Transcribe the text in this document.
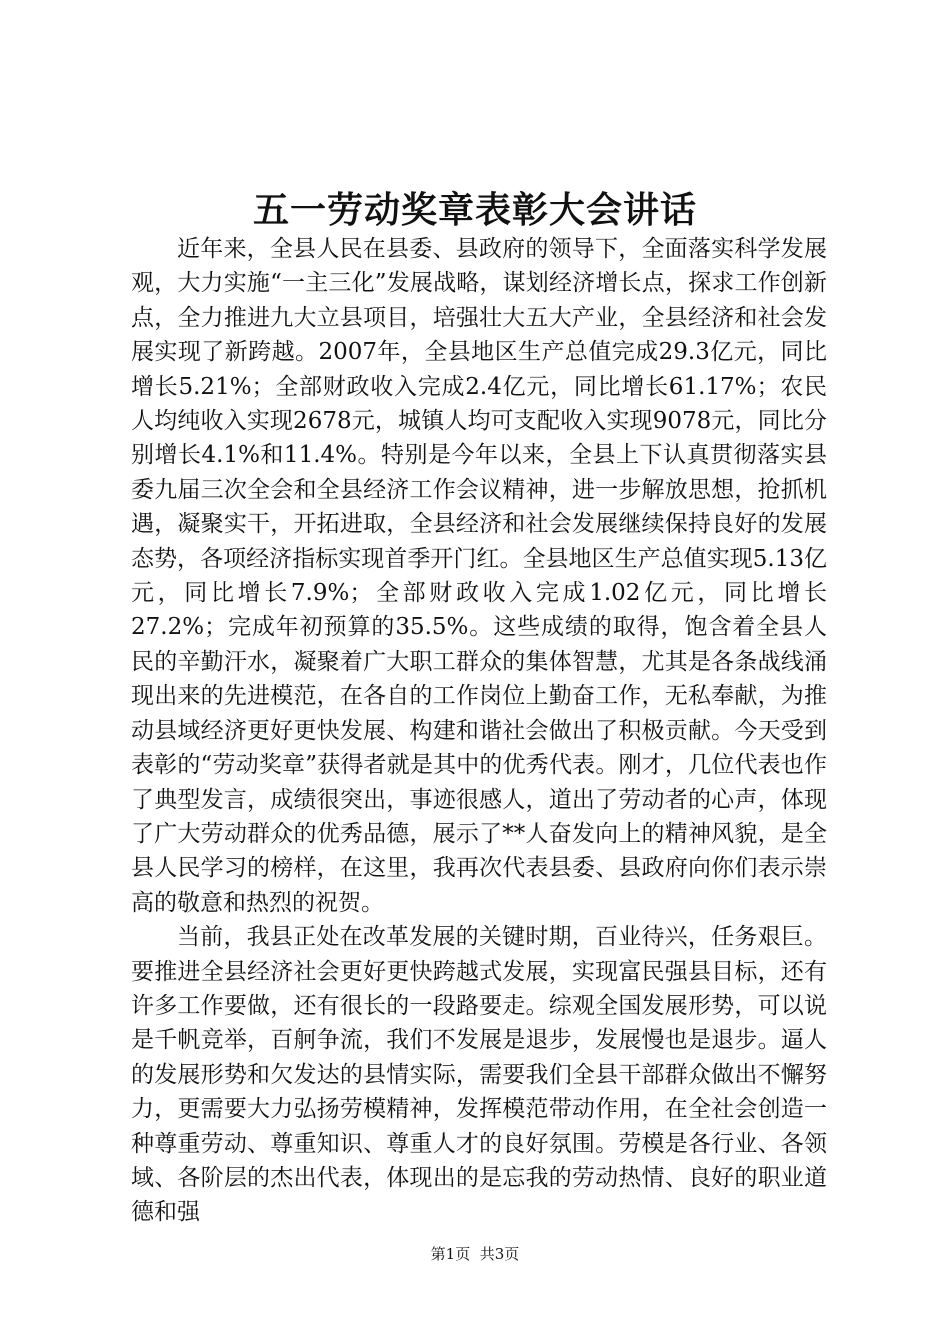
五一劳动奖章表彰大会讲话

近年来，全县人民在县委、县政府的领导下，全面落实科学发展观，大力实施“一主三化”发展战略，谋划经济增长点，探求工作创新点，全力推进九大立县项目，培强壮大五大产业，全县经济和社会发展实现了新跨越。2007年，全县地区生产总值完成29.3亿元，同比增长5.21%；全部财政收入完成2.4亿元，同比增长61.17%；农民人均纯收入实现2678元，城镇人均可支配收入实现9078元，同比分别增长4.1%和11.4%。特别是今年以来，全县上下认真贯彻落实县委九届三次全会和全县经济工作会议精神，进一步解放思想，抢抓机遇，凝聚实干，开拓进取，全县经济和社会发展继续保持良好的发展态势，各项经济指标实现首季开门红。全县地区生产总值实现5.13亿元，同比增长7.9%；全部财政收入完成1.02亿元，同比增长27.2%；完成年初预算的35.5%。这些成绩的取得，饱含着全县人民的辛勤汗水，凝聚着广大职工群众的集体智慧，尤其是各条战线涌现出来的先进模范，在各自的工作岗位上勤奋工作，无私奉献，为推动县域经济更好更快发展、构建和谐社会做出了积极贡献。今天受到表彰的“劳动奖章”获得者就是其中的优秀代表。刚才，几位代表也作了典型发言，成绩很突出，事迹很感人，道出了劳动者的心声，体现了广大劳动群众的优秀品德，展示了**人奋发向上的精神风貌，是全县人民学习的榜样，在这里，我再次代表县委、县政府向你们表示崇高的敬意和热烈的祝贺。

当前，我县正处在改革发展的关键时期，百业待兴，任务艰巨。要推进全县经济社会更好更快跨越式发展，实现富民强县目标，还有许多工作要做，还有很长的一段路要走。综观全国发展形势，可以说是千帆竞举，百舸争流，我们不发展是退步，发展慢也是退步。逼人的发展形势和欠发达的县情实际，需要我们全县干部群众做出不懈努力，更需要大力弘扬劳模精神，发挥模范带动作用，在全社会创造一种尊重劳动、尊重知识、尊重人才的良好氛围。劳模是各行业、各领域、各阶层的杰出代表，体现出的是忘我的劳动热情、良好的职业道德和强

第1页 共3页
